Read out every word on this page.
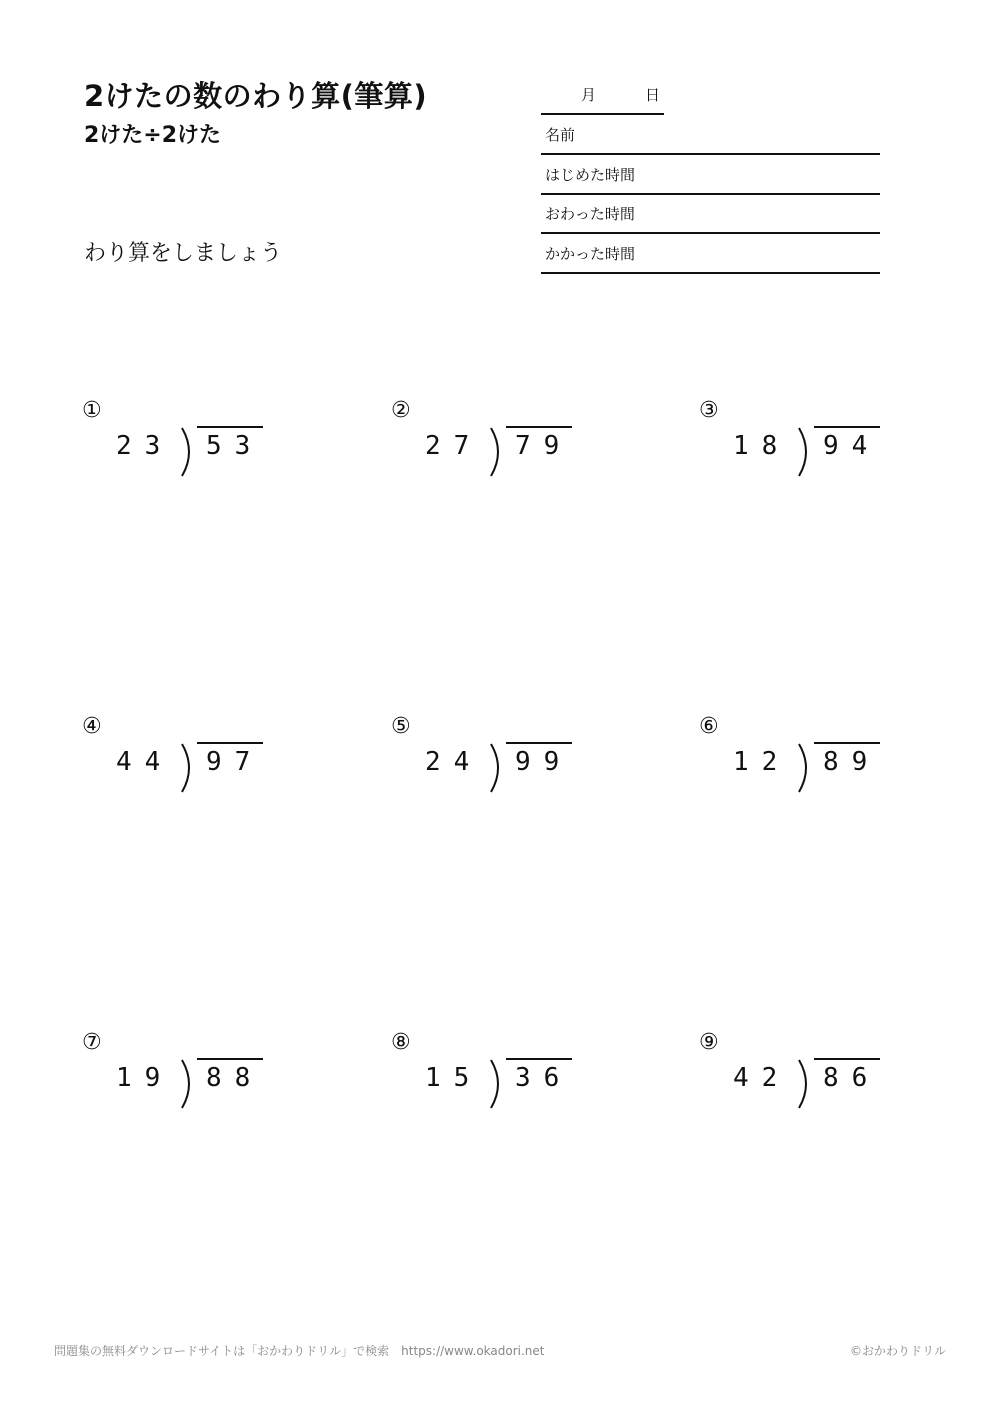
2けたの数のわり算(筆算)
2けた÷2けた

わり算をしましょう

月	日
名前
はじめた時間
おわった時間
かかった時間
①
23 53
②
27 79
③
18 94
④
44 97
⑤
24 99
⑥
12 89
⑦
19 88
⑧
15 36
⑨
42 86
問題集の無料ダウンロードサイトは「おかわりドリル」で検索　https://www.okadori.net	©おかわりドリル
